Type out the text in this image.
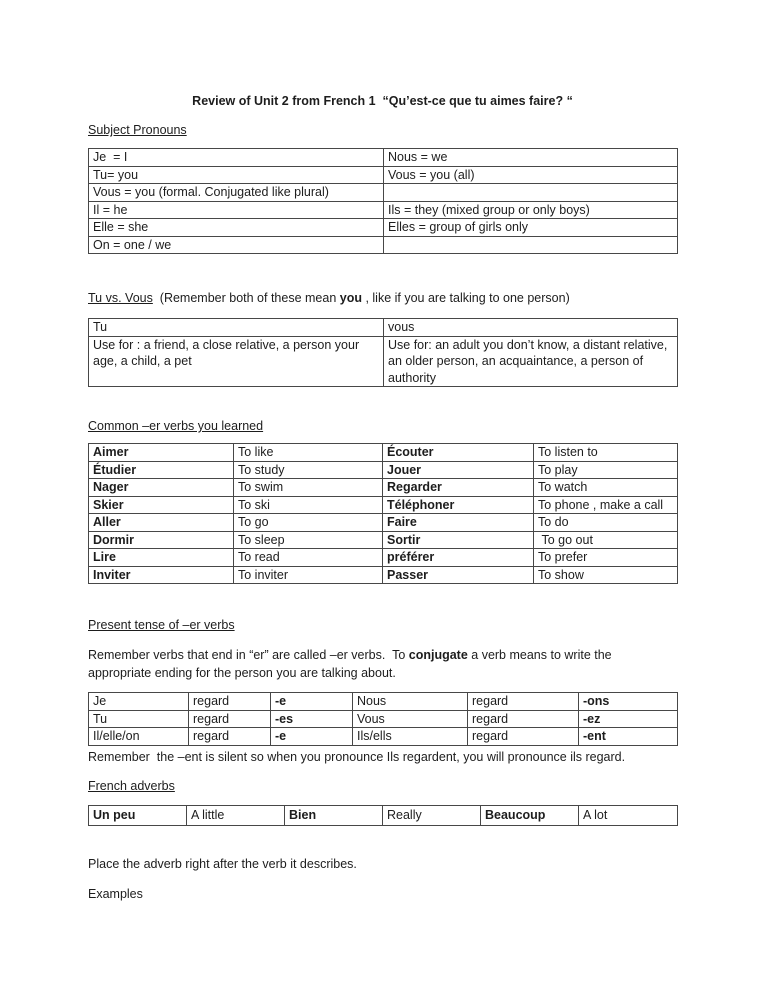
Review of Unit 2 from French 1  “Qu’est-ce que tu aimes faire? “
Subject Pronouns
Je  = I	Nous = we
Tu= you	Vous = you (all)
Vous = you (formal. Conjugated like plural)	
Il = he	Ils = they (mixed group or only boys)
Elle = she	Elles = group of girls only
On = one / we	
Tu vs. Vous  (Remember both of these mean you , like if you are talking to one person)
Tu	vous
Use for : a friend, a close relative, a person your age, a child, a pet	Use for: an adult you don’t know, a distant relative, an older person, an acquaintance, a person of authority
Common –er verbs you learned
Aimer	To like	Écouter	To listen to
Étudier	To study	Jouer	To play
Nager	To swim	Regarder	To watch
Skier	To ski	Téléphoner	To phone , make a call
Aller	To go	Faire	To do
Dormir	To sleep	Sortir	To go out
Lire	To read	préférer	To prefer
Inviter	To inviter	Passer	To show
Present tense of –er verbs
Remember verbs that end in “er” are called –er verbs.  To conjugate a verb means to write the appropriate ending for the person you are talking about.
Je	regard	-e	Nous	regard	-ons
Tu	regard	-es	Vous	regard	-ez
Il/elle/on	regard	-e	Ils/ells	regard	-ent
Remember  the –ent is silent so when you pronounce Ils regardent, you will pronounce ils regard.
French adverbs
Un peu	A little	Bien	Really	Beaucoup	A lot
Place the adverb right after the verb it describes.
Examples
